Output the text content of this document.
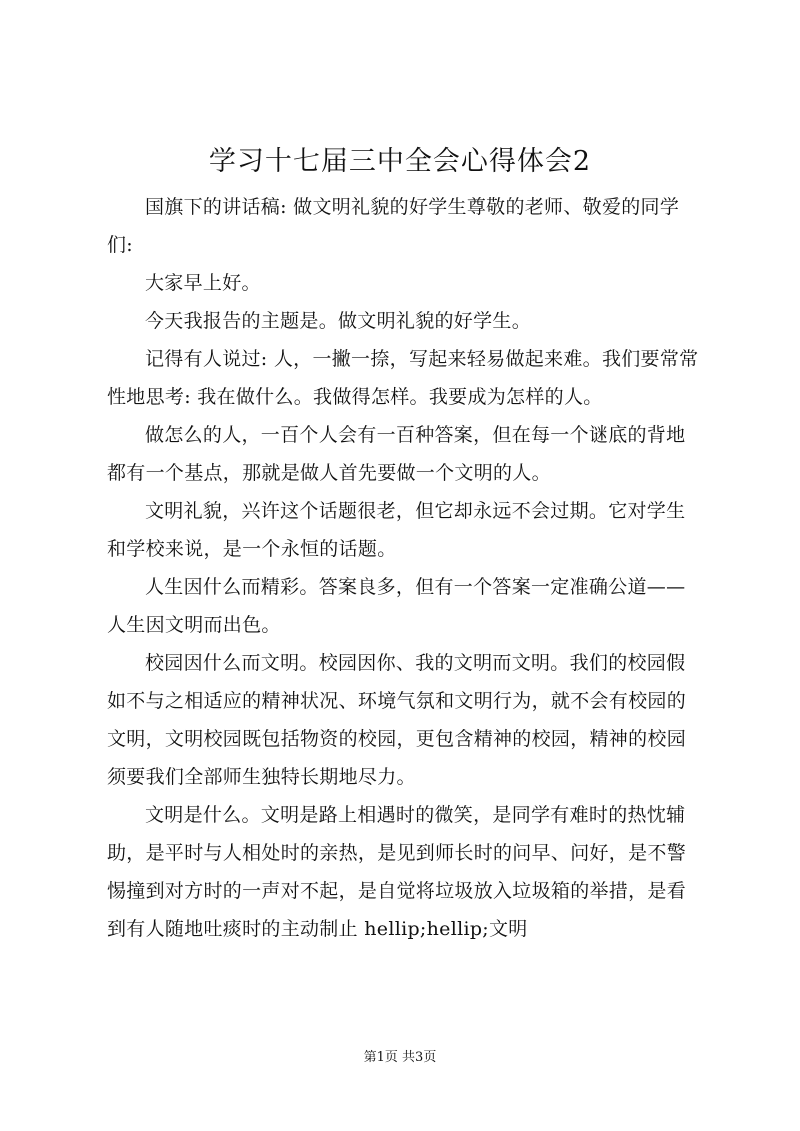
学习十七届三中全会心得体会2

国旗下的讲话稿: 做文明礼貌的好学生尊敬的老师、敬爱的同学们:

大家早上好。

今天我报告的主题是。做文明礼貌的好学生。

记得有人说过: 人，一撇一捺，写起来轻易做起来难。我们要常常性地思考: 我在做什么。我做得怎样。我要成为怎样的人。

做怎么的人，一百个人会有一百种答案，但在每一个谜底的背地都有一个基点，那就是做人首先要做一个文明的人。

文明礼貌，兴许这个话题很老，但它却永远不会过期。它对学生和学校来说，是一个永恒的话题。

人生因什么而精彩。答案良多，但有一个答案一定准确公道——人生因文明而出色。

校园因什么而文明。校园因你、我的文明而文明。我们的校园假如不与之相适应的精神状况、环境气氛和文明行为，就不会有校园的文明，文明校园既包括物资的校园，更包含精神的校园，精神的校园须要我们全部师生独特长期地尽力。

文明是什么。文明是路上相遇时的微笑，是同学有难时的热忱辅助，是平时与人相处时的亲热，是见到师长时的问早、问好，是不警惕撞到对方时的一声对不起，是自觉将垃圾放入垃圾箱的举措，是看到有人随地吐痰时的主动制止 hellip;hellip;文明

第1页 共3页
